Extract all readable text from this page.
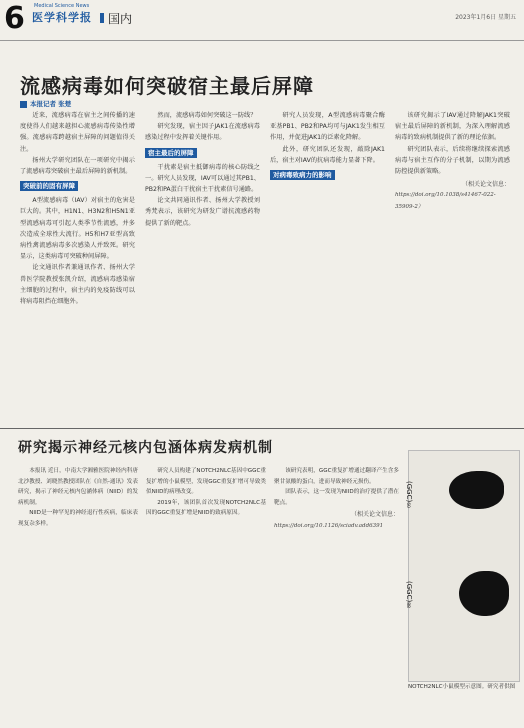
6 Medical Science News
医学科学报 国内	2023年1月6日 星期五
流感病毒如何突破宿主最后屏障
本报记者 张楚

近来，流感病毒在宿主之间传播的速度使得人们越来越担心流感病毒传染性增强。流感病毒跨越宿主屏障的问题值得关注。

扬州大学研究团队在一项研究中揭示了流感病毒突破宿主最后屏障的新机制。

突破前的固有屏障

A型流感病毒（IAV）对宿主的危害是巨大的。其中，H1N1、H3N2和H5N1亚型流感病毒可引起人类季节性流感，并多次造成全球性大流行。H5和H7亚型高致病性禽流感病毒多次感染人并致死。研究显示，这类病毒可突破种间屏障。

论文通讯作者兼通讯作者、扬州大学兽医学院教授张凯介绍，流感病毒感染宿主细胞的过程中，宿主内的免疫防线可以将病毒阻挡在细胞外。

然而，流感病毒如何突破这一防线？

研究发现，宿主因子JAK1在流感病毒感染过程中发挥着关键作用。

宿主最后的屏障

干扰素是宿主抵御病毒的核心防线之一。研究人员发现，IAV可以通过其PB1、PB2和PA蛋白干扰宿主干扰素信号通路。

论文共同通讯作者、扬州大学教授刘秀梵表示，该研究为研发广谱抗流感药物提供了新的靶点。

研究人员发现，A型流感病毒聚合酶亚基PB1、PB2和PA均可与JAK1发生相互作用，并促进JAK1的泛素化降解。

此外，研究团队还发现，敲除JAK1后，宿主对IAV的抗病毒能力显著下降。

对病毒致病力的影响

该研究揭示了IAV通过降解JAK1突破宿主最后屏障的新机制，为深入理解流感病毒的致病机制提供了新的理论依据。

研究团队表示，后续将继续探索流感病毒与宿主互作的分子机制，以期为流感防控提供新策略。

（相关论文信息：
https://doi.org/10.1038/s41467-022-35909-2）
研究揭示神经元核内包涵体病发病机制

本报讯 近日，中南大学湘雅医院神经内科唐北沙教授、刘晓然教授团队在《自然-通讯》发表研究，揭示了神经元核内包涵体病（NIID）的发病机制。

NIID是一种罕见的神经退行性疾病，临床表现复杂多样。

研究人员构建了NOTCH2NLC基因中GGC重复扩增的小鼠模型，发现GGC重复扩增可导致类似NIID的病理改变。

2019年，该团队首次发现NOTCH2NLC基因的GGC重复扩增是NIID的致病原因。

该研究表明，GGC重复扩增通过翻译产生含多聚甘氨酸的蛋白，进而导致神经元损伤。

团队表示，这一发现为NIID的治疗提供了潜在靶点。

（相关论文信息：
https://doi.org/10.1126/sciadv.add6391
(GGC)₆₀
(GGC)₈₈
NOTCH2NLC小鼠模型示意图。研究者供图
